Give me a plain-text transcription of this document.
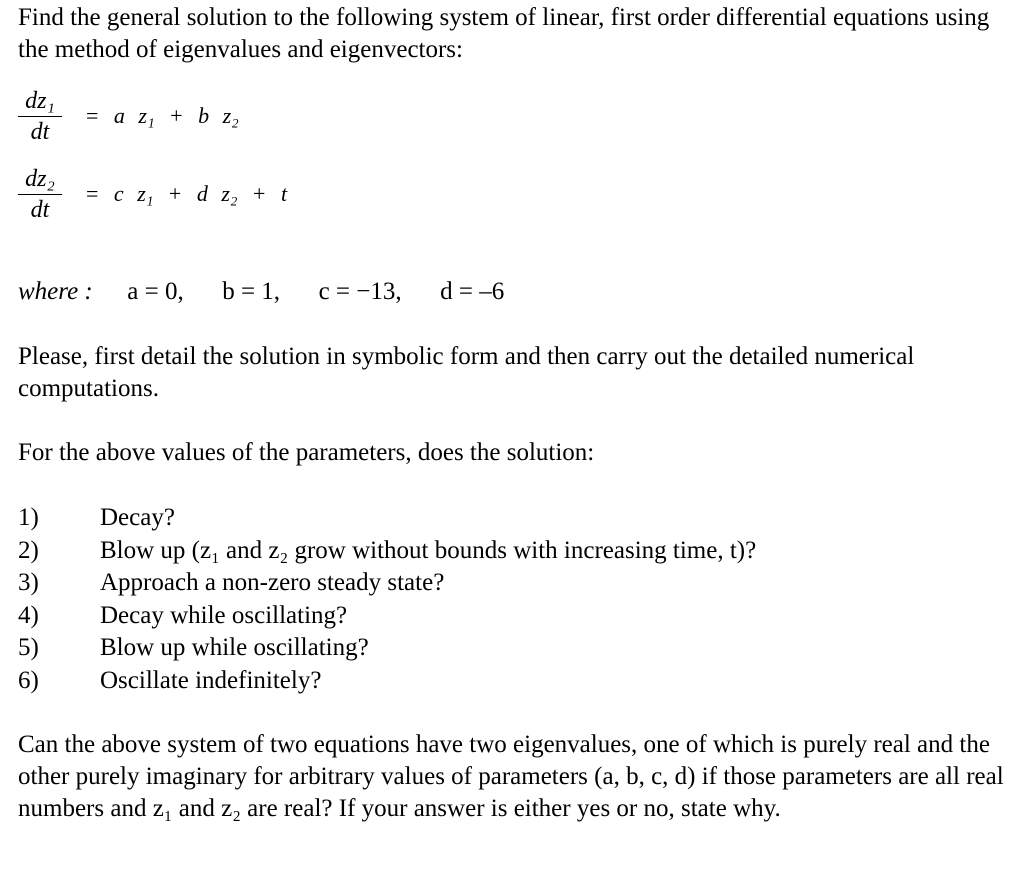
Find the general solution to the following system of linear, first order differential equations using the method of eigenvalues and eigenvectors:

$\frac{\text{dz₁}}{dt} = a$ z₁ + b z₂
$\frac{\text{dz₂}}{dt} = c$ z₁ + d z₂ + t
where : a = 0, b = 1, c = −13, d = –6

Please, first detail the solution in symbolic form and then carry out the detailed numerical computations.

For the above values of the parameters, does the solution:

1) Decay?
2) Blow up (z₁ and z₂ grow without bounds with increasing time, t)?
3) Approach a non-zero steady state?
4) Decay while oscillating?
5) Blow up while oscillating?
6) Oscillate indefinitely?

Can the above system of two equations have two eigenvalues, one of which is purely real and the other purely imaginary for arbitrary values of parameters (a, b, c, d) if those parameters are all real numbers and z₁ and z₂ are real? If your answer is either yes or no, state why.
